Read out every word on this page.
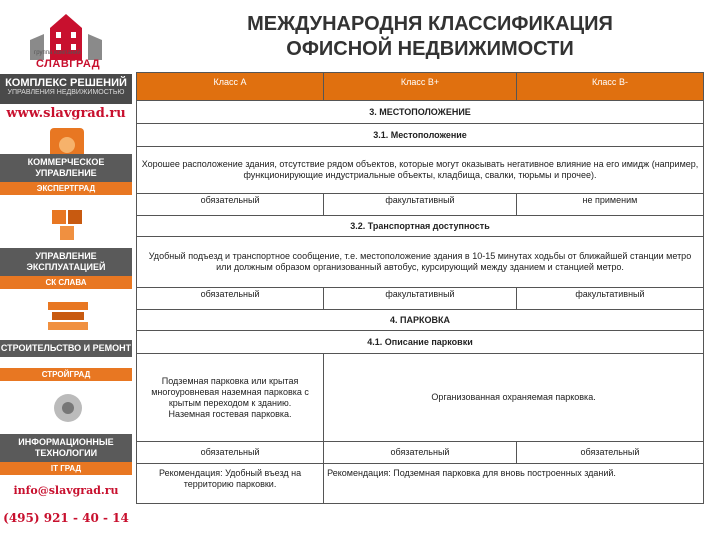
группа компаний
СЛАВГРАД
КОМПЛЕКС РЕШЕНИЙ
УПРАВЛЕНИЯ НЕДВИЖИМОСТЬЮ
www.slavgrad.ru
КОММЕРЧЕСКОЕ УПРАВЛЕНИЕ
ЭКСПЕРТГРАД
УПРАВЛЕНИЕ ЭКСПЛУАТАЦИЕЙ
СК СЛАВА
СТРОИТЕЛЬСТВО И РЕМОНТ
СТРОЙГРАД
ИНФОРМАЦИОННЫЕ ТЕХНОЛОГИИ
IT ГРАД
info@slavgrad.ru
(495) 921 - 40 - 14
МЕЖДУНАРОДНЯ КЛАССИФИКАЦИЯ
ОФИСНОЙ НЕДВИЖИМОСТИ
Класс А	Класс В+	Класс В-
3. МЕСТОПОЛОЖЕНИЕ		
3.1. Местоположение		
Хорошее расположение здания, отсутствие рядом объектов, которые могут оказывать негативное влияние на его имидж (например, функционирующие индустриальные объекты, кладбища, свалки, тюрьмы и прочее).		
обязательный	факультативный	не применим
3.2. Транспортная доступность		
Удобный подъезд и транспортное сообщение, т.е. местоположение здания в 10-15 минутах ходьбы от ближайшей станции метро или должным образом организованный автобус, курсирующий между зданием и станцией метро.		
обязательный	факультативный	факультативный
4. ПАРКОВКА		
4.1. Описание парковки		
Подземная парковка или крытая многоуровневая наземная парковка с крытым переходом к зданию. Наземная гостевая парковка.	Организованная охраняемая парковка.	
обязательный	обязательный	обязательный
Рекомендация: Удобный въезд на территорию парковки.	Рекомендация: Подземная парковка для вновь построенных зданий.	
